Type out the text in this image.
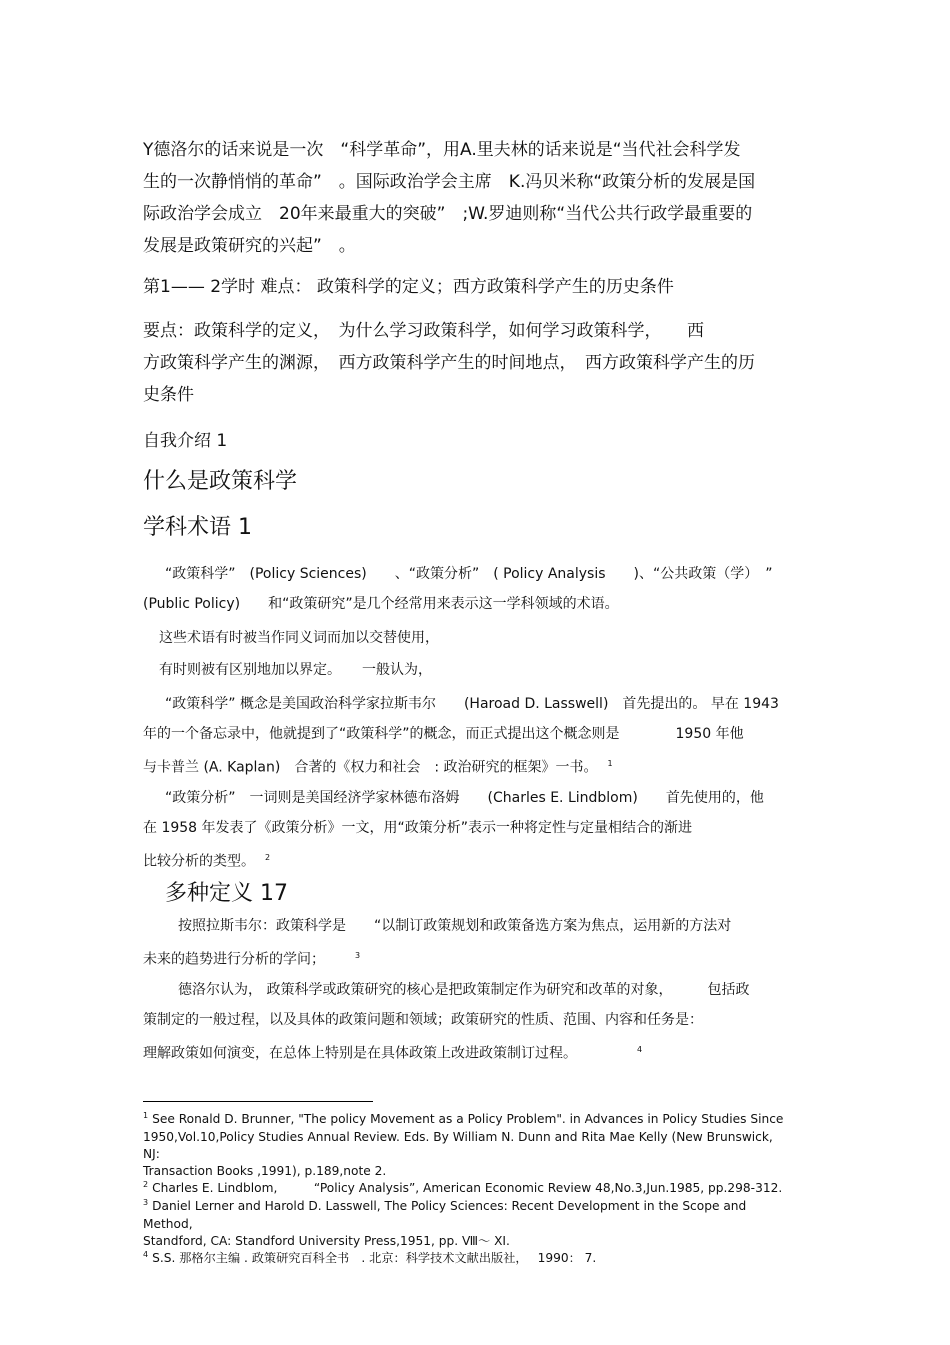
Y德洛尔的话来说是一次　“科学革命”，用A.里夫林的话来说是“当代社会科学发
生的一次静悄悄的革命”　。国际政治学会主席　K.冯贝米称“政策分析的发展是国
际政治学会成立　20年来最重大的突破”　;W.罗迪则称“当代公共行政学最重要的
发展是政策研究的兴起”　。
第1—— 2学时 难点： 政策科学的定义；西方政策科学产生的历史条件
要点：政策科学的定义，　为什么学习政策科学，如何学习政策科学，　　西
方政策科学产生的渊源，　西方政策科学产生的时间地点，　西方政策科学产生的历
史条件
自我介绍 1
什么是政策科学
学科术语 1
“政策科学”　(Policy Sciences)　　、“政策分析”　( Policy Analysis　　)、“公共政策（学）　”
(Public Policy)　　和“政策研究”是几个经常用来表示这一学科领域的术语。
这些术语有时被当作同义词而加以交替使用，
有时则被有区别地加以界定。　　一般认为，
“政策科学” 概念是美国政治科学家拉斯韦尔　　(Haroad D. Lasswell)　首先提出的。 早在 1943
年的一个备忘录中，他就提到了“政策科学”的概念，而正式提出这个概念则是　　　　1950 年他
与卡普兰 (A. Kaplan)　合著的《权力和社会　: 政治研究的框架》一书。 $^1$
“政策分析”　一词则是美国经济学家林德布洛姆　　(Charles E. Lindblom)　　首先使用的，他
在 1958 年发表了《政策分析》一文，用“政策分析”表示一种将定性与定量相结合的渐进
比较分析的类型。 $^2$
多种定义 17
按照拉斯韦尔：政策科学是　　“以制订政策规划和政策备选方案为焦点，运用新的方法对
未来的趋势进行分析的学问；	$^3$
德洛尔认为， 政策科学或政策研究的核心是把政策制定作为研究和改革的对象，　　　包括政
策制定的一般过程，以及具体的政策问题和领域；政策研究的性质、范围、内容和任务是：
理解政策如何演变，在总体上特别是在具体政策上改进政策制订过程。	$^4$
$^1$ See Ronald D. Brunner, "The policy Movement as a Policy Problem". in Advances in Policy Studies Since
1950,Vol.10,Policy Studies Annual Review. Eds. By William N. Dunn and Rita Mae Kelly (New Brunswick, NJ:
Transaction Books ,1991), p.189,note 2.
$^2$ Charles E. Lindblom,　　　“Policy Analysis”, American Economic Review 48,No.3,Jun.1985, pp.298-312.
$^3$ Daniel Lerner and Harold D. Lasswell, The Policy Sciences: Recent Development in the Scope and Method,
Standford, CA: Standford University Press,1951, pp. Ⅷ～ XI.
$^4$ S.S. 那格尔主编 . 政策研究百科全书　. 北京：科学技术文献出版社，　 1990： 7.
